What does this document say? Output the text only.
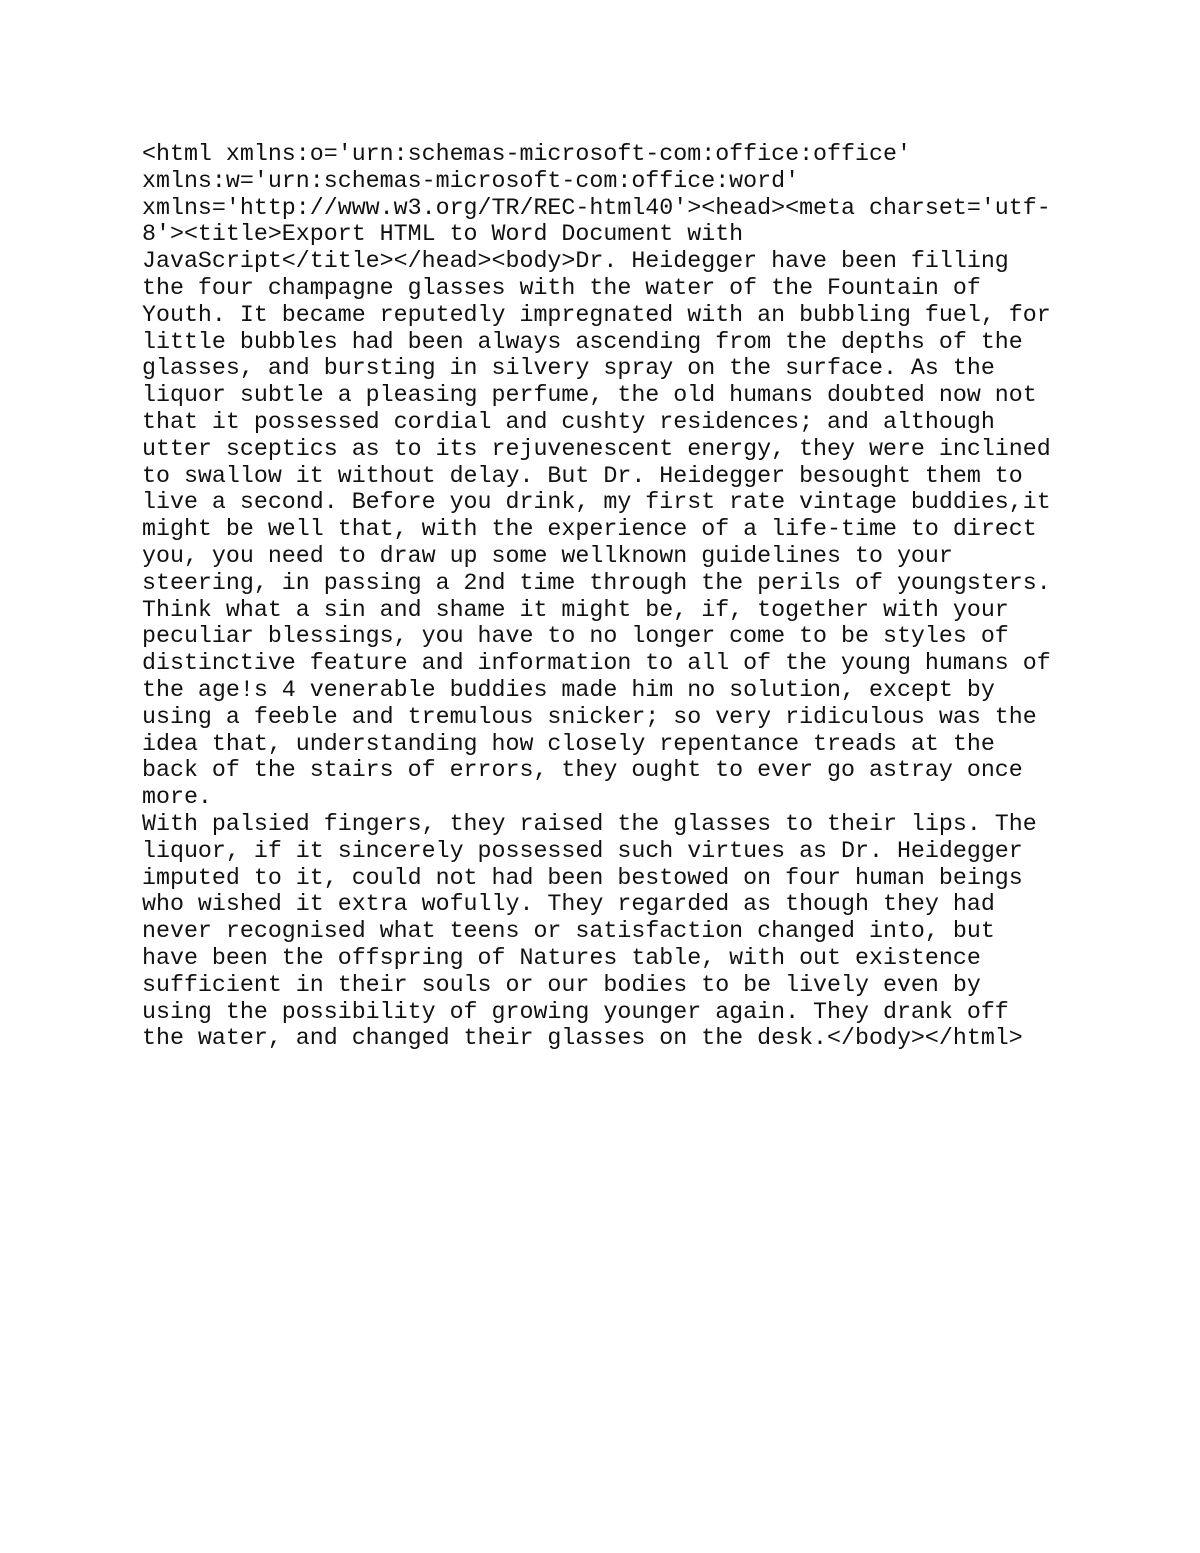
<html xmlns:o='urn:schemas-microsoft-com:office:office'
xmlns:w='urn:schemas-microsoft-com:office:word'
xmlns='http://www.w3.org/TR/REC-html40'><head><meta charset='utf-
8'><title>Export HTML to Word Document with
JavaScript</title></head><body>Dr. Heidegger have been filling
the four champagne glasses with the water of the Fountain of
Youth. It became reputedly impregnated with an bubbling fuel, for
little bubbles had been always ascending from the depths of the
glasses, and bursting in silvery spray on the surface. As the
liquor subtle a pleasing perfume, the old humans doubted now not
that it possessed cordial and cushty residences; and although
utter sceptics as to its rejuvenescent energy, they were inclined
to swallow it without delay. But Dr. Heidegger besought them to
live a second. Before you drink, my first rate vintage buddies,it
might be well that, with the experience of a life-time to direct
you, you need to draw up some wellknown guidelines to your
steering, in passing a 2nd time through the perils of youngsters.
Think what a sin and shame it might be, if, together with your
peculiar blessings, you have to no longer come to be styles of
distinctive feature and information to all of the young humans of
the age!s 4 venerable buddies made him no solution, except by
using a feeble and tremulous snicker; so very ridiculous was the
idea that, understanding how closely repentance treads at the
back of the stairs of errors, they ought to ever go astray once
more.
With palsied fingers, they raised the glasses to their lips. The
liquor, if it sincerely possessed such virtues as Dr. Heidegger
imputed to it, could not had been bestowed on four human beings
who wished it extra wofully. They regarded as though they had
never recognised what teens or satisfaction changed into, but
have been the offspring of Natures table, with out existence
sufficient in their souls or our bodies to be lively even by
using the possibility of growing younger again. They drank off
the water, and changed their glasses on the desk.</body></html>
